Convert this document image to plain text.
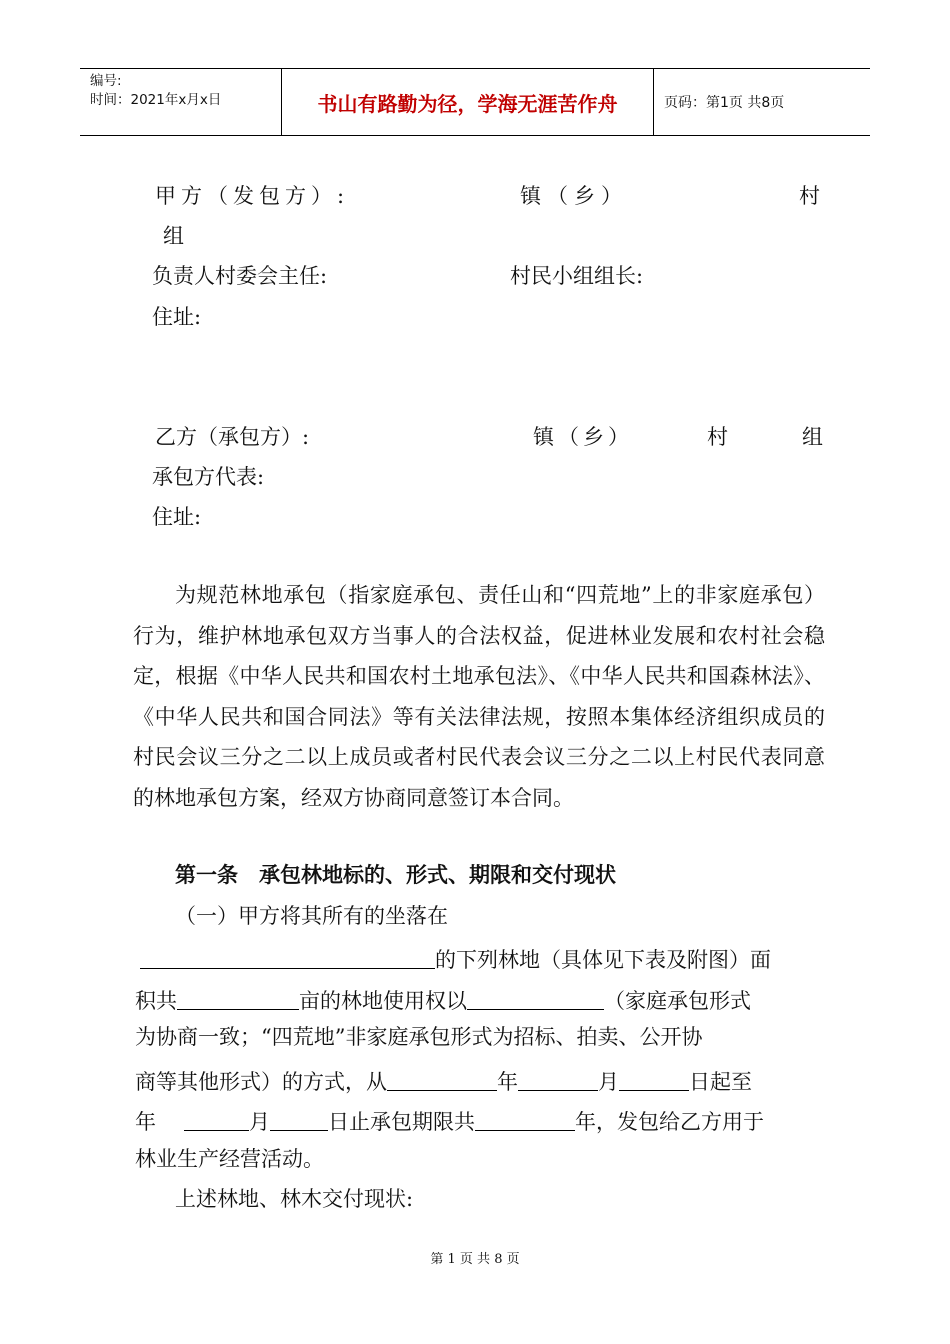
编号:
时间：2021年x月x日	书山有路勤为径，学海无涯苦作舟	页码：第1页 共8页
甲方（发包方）:	镇（乡）	村
组
负责人村委会主任:	村民小组组长:
住址:
乙方（承包方）:	镇（乡）	村	组
承包方代表:
住址:

为规范林地承包（指家庭承包、责任山和“四荒地”上的非家庭承包）行为，维护林地承包双方当事人的合法权益，促进林业发展和农村社会稳定，根据《中华人民共和国农村土地承包法》、《中华人民共和国森林法》、《中华人民共和国合同法》等有关法律法规，按照本集体经济组织成员的村民会议三分之二以上成员或者村民代表会议三分之二以上村民代表同意的林地承包方案，经双方协商同意签订本合同。

第一条　承包林地标的、形式、期限和交付现状
（一）甲方将其所有的坐落在
的下列林地（具体见下表及附图）面
积共	亩的林地使用权以	（家庭承包形式
为协商一致；“四荒地”非家庭承包形式为招标、拍卖、公开协
商等其他形式）的方式，从	年	月	日起至
年	月	日止承包期限共	年，发包给乙方用于
林业生产经营活动。
上述林地、林木交付现状:
第 1 页 共 8 页
